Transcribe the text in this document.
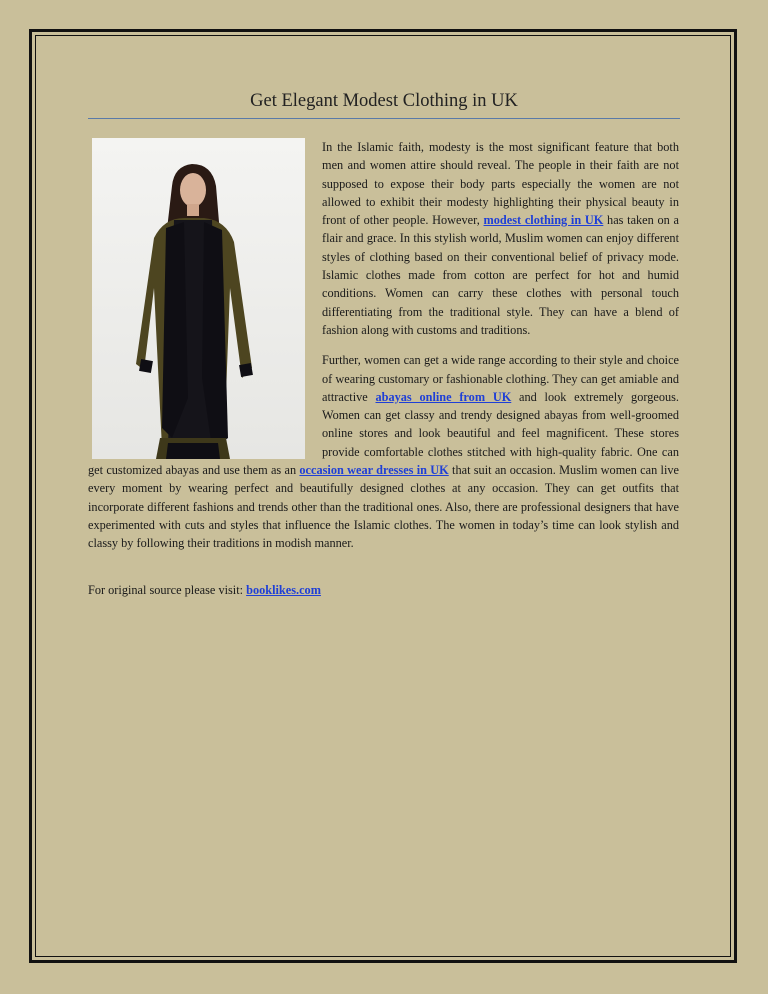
Get Elegant Modest Clothing in UK

In the Islamic faith, modesty is the most significant feature that both men and women attire should reveal. The people in their faith are not supposed to expose their body parts especially the women are not allowed to exhibit their modesty highlighting their physical beauty in front of other people. However, modest clothing in UK has taken on a flair and grace. In this stylish world, Muslim women can enjoy different styles of clothing based on their conventional belief of privacy mode. Islamic clothes made from cotton are perfect for hot and humid conditions. Women can carry these clothes with personal touch differentiating from the traditional style. They can have a blend of fashion along with customs and traditions.

Further, women can get a wide range according to their style and choice of wearing customary or fashionable clothing. They can get amiable and attractive abayas online from UK and look extremely gorgeous. Women can get classy and trendy designed abayas from well-groomed online stores and look beautiful and feel magnificent. These stores provide comfortable clothes stitched with high-quality fabric. One can get customized abayas and use them as an occasion wear dresses in UK that suit an occasion. Muslim women can live every moment by wearing perfect and beautifully designed clothes at any occasion. They can get outfits that incorporate different fashions and trends other than the traditional ones. Also, there are professional designers that have experimented with cuts and styles that influence the Islamic clothes. The women in today’s time can look stylish and classy by following their traditions in modish manner.

For original source please visit: booklikes.com
